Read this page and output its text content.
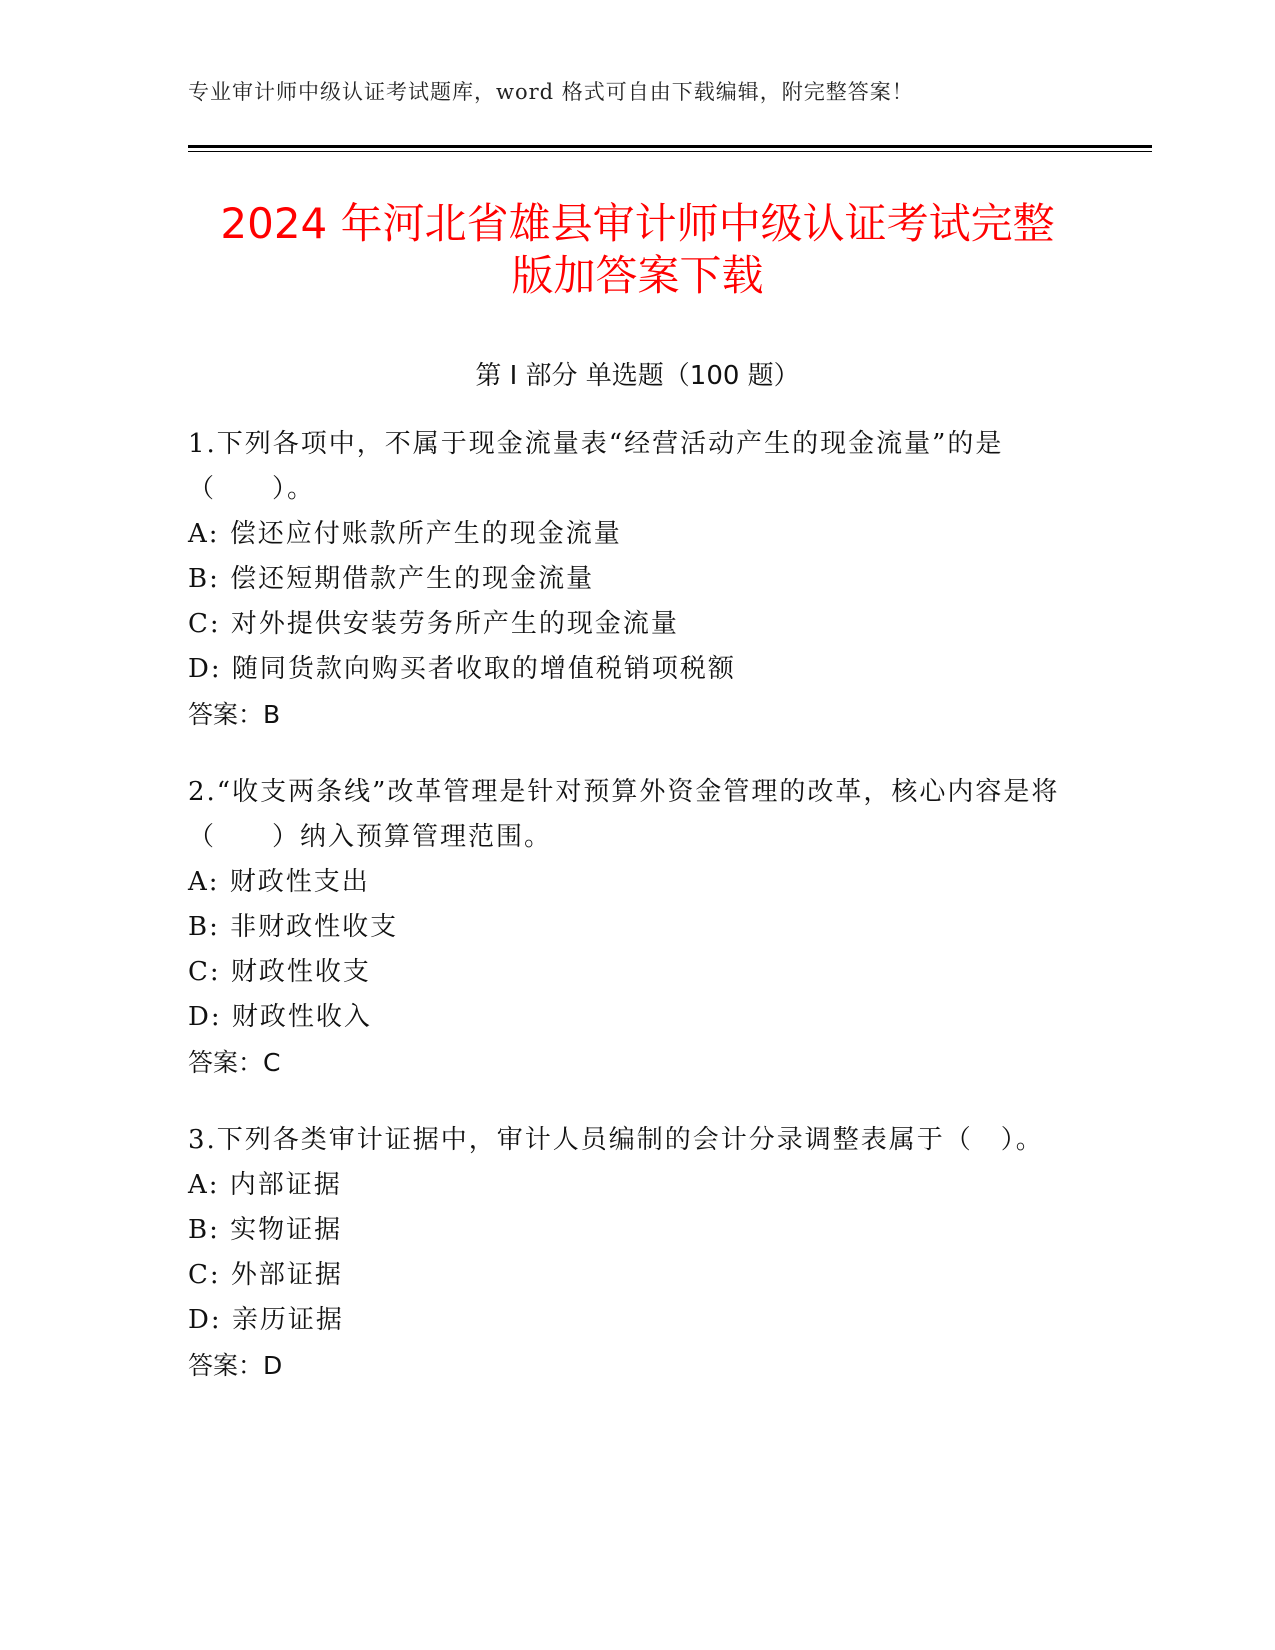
专业审计师中级认证考试题库，word 格式可自由下载编辑，附完整答案！
2024 年河北省雄县审计师中级认证考试完整
版加答案下载
第 I 部分 单选题（100 题）

1.下列各项中，不属于现金流量表“经营活动产生的现金流量”的是（　　）。

A: 偿还应付账款所产生的现金流量

B: 偿还短期借款产生的现金流量

C: 对外提供安装劳务所产生的现金流量

D: 随同货款向购买者收取的增值税销项税额

答案：B

2.“收支两条线”改革管理是针对预算外资金管理的改革，核心内容是将（　　）纳入预算管理范围。

A: 财政性支出

B: 非财政性收支

C: 财政性收支

D: 财政性收入

答案：C

3.下列各类审计证据中，审计人员编制的会计分录调整表属于（　）。

A: 内部证据

B: 实物证据

C: 外部证据

D: 亲历证据

答案：D
